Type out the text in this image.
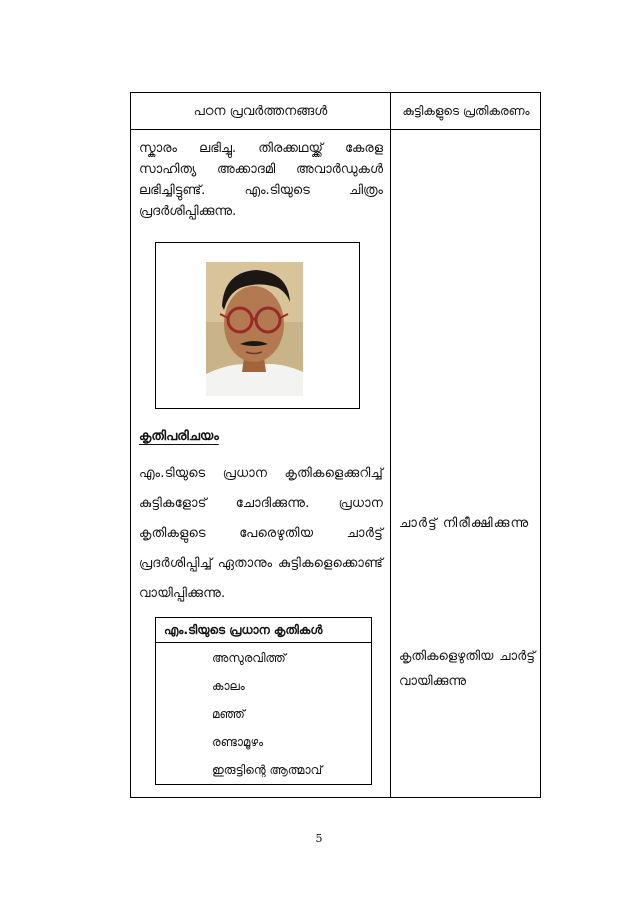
പഠന പ്രവർത്തനങ്ങൾ	കുട്ടികളുടെ പ്രതികരണം
സ്കാരം ലഭിച്ചു. തിരക്കഥയ്ക്ക് കേരള സാഹിത്യ അക്കാദമി അവാർഡുകൾ ലഭിച്ചിട്ടുണ്ട്. എം.ടിയുടെ ചിത്രം പ്രദർശിപ്പിക്കുന്നു.
കൃതിപരിചയം
എം.ടിയുടെ പ്രധാന കൃതികളെക്കുറിച്ച് കുട്ടികളോട് ചോദിക്കുന്നു. പ്രധാന കൃതികളുടെ പേരെഴുതിയ ചാർട്ട് പ്രദർശിപ്പിച്ച് ഏതാനും കുട്ടികളെക്കൊണ്ട് വായിപ്പിക്കുന്നു.
എം.ടിയുടെ പ്രധാന കൃതികൾ
അസുരവിത്ത്
കാലം
മഞ്ഞ്
രണ്ടാമൂഴം
ഇരുട്ടിന്റെ ആത്മാവ്
ചാർട്ട് നിരീക്ഷിക്കുന്നു
കൃതികളെഴുതിയ ചാർട്ട് വായിക്കുന്നു
5
